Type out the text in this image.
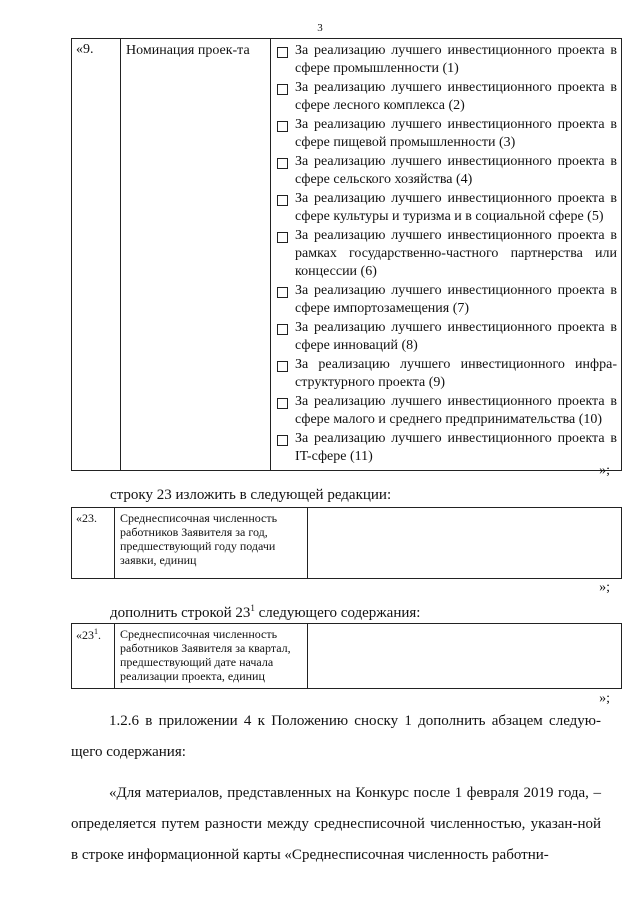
3
«9.	Номинация проек-та	За реализацию лучшего инвестиционного проекта в сфере промышленности (1)
За реализацию лучшего инвестиционного проекта в сфере лесного комплекса (2)
За реализацию лучшего инвестиционного проекта в сфере пищевой промышленности (3)
За реализацию лучшего инвестиционного проекта в сфере сельского хозяйства (4)
За реализацию лучшего инвестиционного проекта в сфере культуры и туризма и в социальной сфере (5)
За реализацию лучшего инвестиционного проекта в рамках государственно-частного партнерства или концессии (6)
За реализацию лучшего инвестиционного проекта в сфере импортозамещения (7)
За реализацию лучшего инвестиционного проекта в сфере инноваций (8)
За реализацию лучшего инвестиционного инфра-структурного проекта (9)
За реализацию лучшего инвестиционного проекта в сфере малого и среднего предпринимательства (10)
За реализацию лучшего инвестиционного проекта в IT-сфере (11)
»;
строку 23 изложить в следующей редакции:
«23.	Среднесписочная численность работников Заявителя за год, предшествующий году подачи заявки, единиц	
»;
дополнить строкой $23^1$ следующего содержания:
«$23^1$.	Среднесписочная численность работников Заявителя за квартал, предшествующий дате начала реализации проекта, единиц	
»;
1.2.6 в приложении 4 к Положению сноску 1 дополнить абзацем следую-щего содержания:
«Для материалов, представленных на Конкурс после 1 февраля 2019 года, – определяется путем разности между среднесписочной численностью, указан-ной в строке информационной карты «Среднесписочная численность работни-
